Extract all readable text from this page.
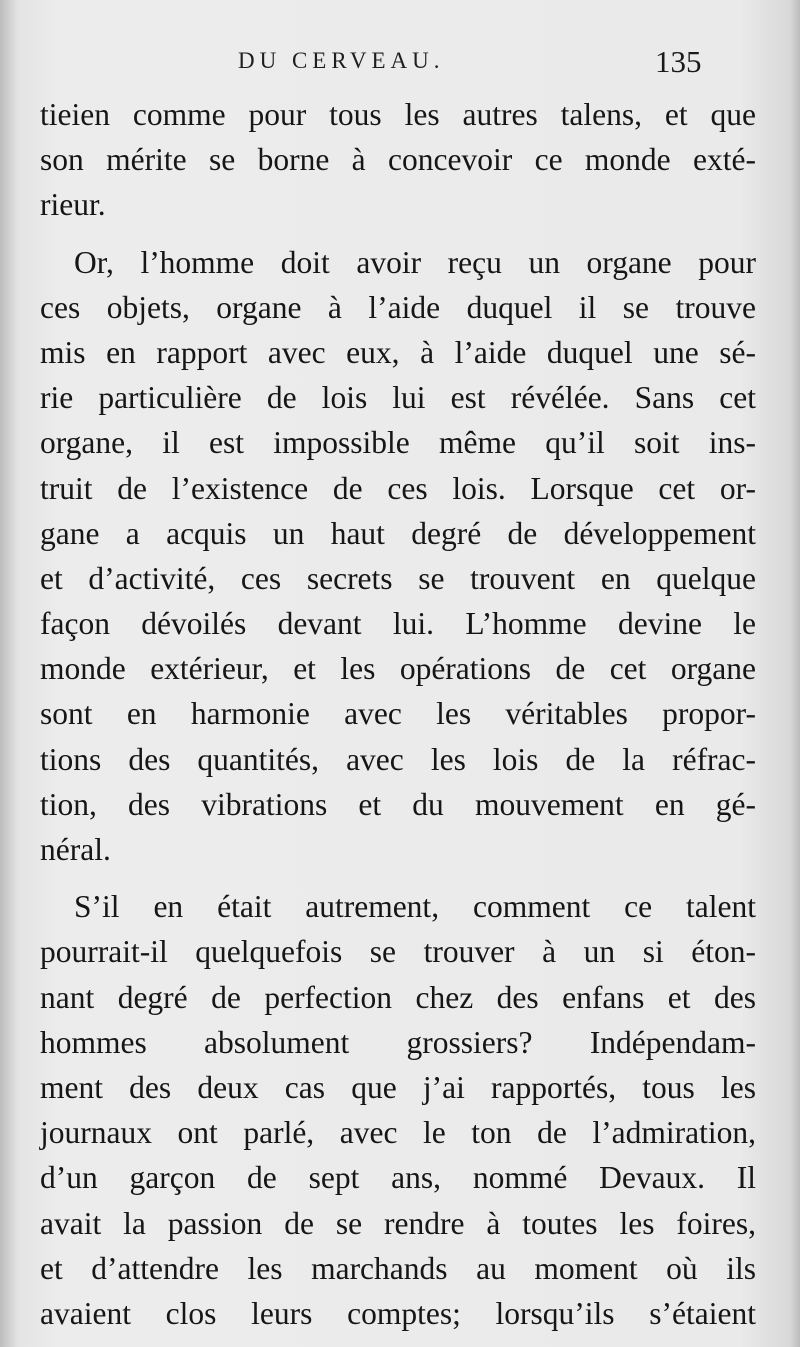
DU CERVEAU.	135
tieien comme pour tous les autres talens, et que
son mérite se borne à concevoir ce monde exté-
rieur.
Or, l’homme doit avoir reçu un organe pour
ces objets, organe à l’aide duquel il se trouve
mis en rapport avec eux, à l’aide duquel une sé-
rie particulière de lois lui est révélée. Sans cet
organe, il est impossible même qu’il soit ins-
truit de l’existence de ces lois. Lorsque cet or-
gane a acquis un haut degré de développement
et d’activité, ces secrets se trouvent en quelque
façon dévoilés devant lui. L’homme devine le
monde extérieur, et les opérations de cet organe
sont en harmonie avec les véritables propor-
tions des quantités, avec les lois de la réfrac-
tion, des vibrations et du mouvement en gé-
néral.
S’il en était autrement, comment ce talent
pourrait-il quelquefois se trouver à un si éton-
nant degré de perfection chez des enfans et des
hommes absolument grossiers? Indépendam-
ment des deux cas que j’ai rapportés, tous les
journaux ont parlé, avec le ton de l’admiration,
d’un garçon de sept ans, nommé Devaux. Il
avait la passion de se rendre à toutes les foires,
et d’attendre les marchands au moment où ils
avaient clos leurs comptes; lorsqu’ils s’étaient
